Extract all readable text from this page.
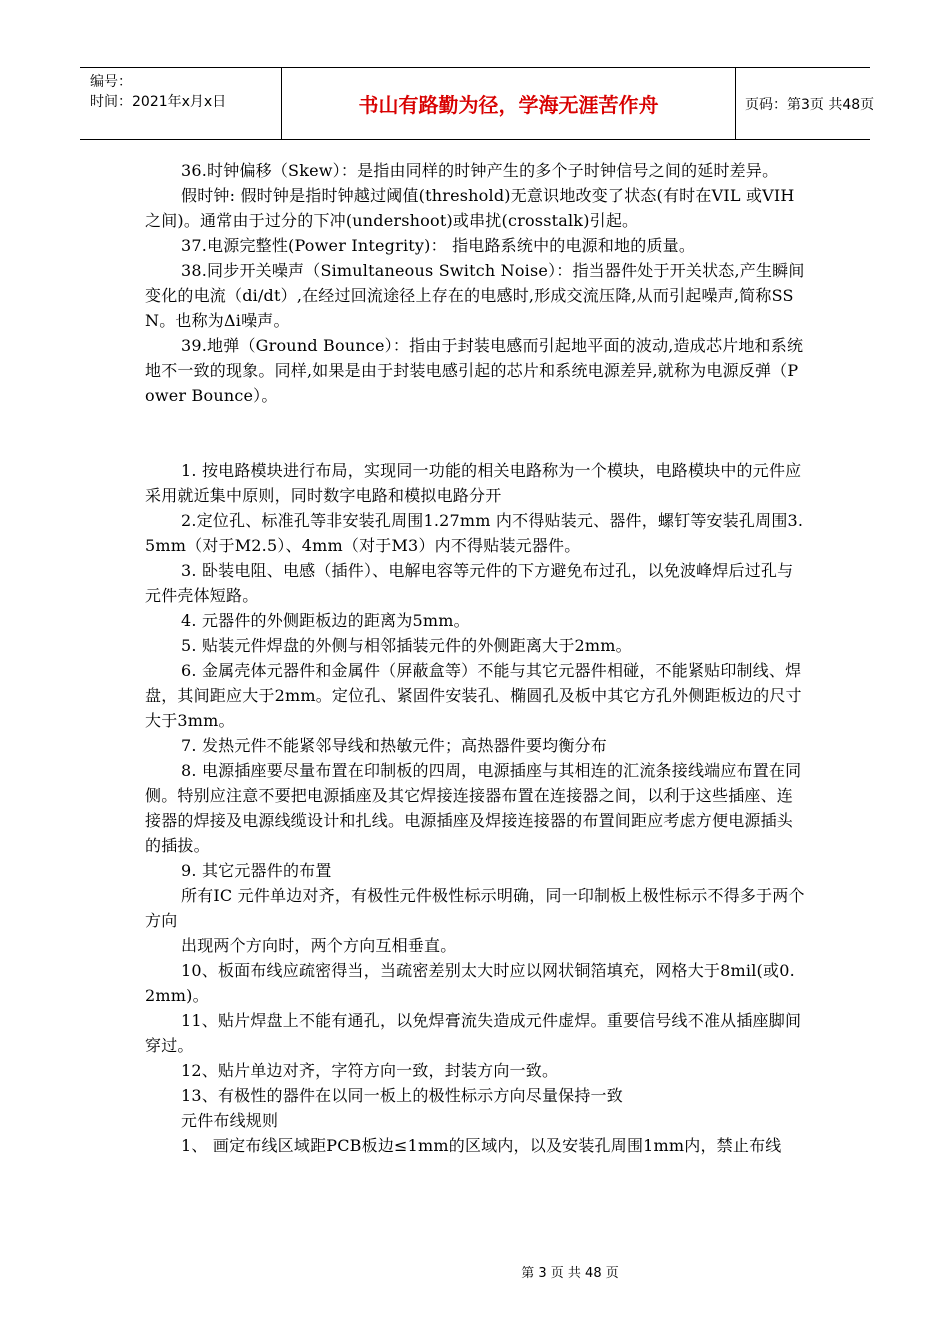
编号：
时间：2021年x月x日	书山有路勤为径，学海无涯苦作舟	页码：第3页 共48页

36.时钟偏移（Skew）：是指由同样的时钟产生的多个子时钟信号之间的延时差异。

假时钟: 假时钟是指时钟越过阈值(threshold)无意识地改变了状态(有时在VIL 或VIH之间)。通常由于过分的下冲(undershoot)或串扰(crosstalk)引起。

37.电源完整性(Power Integrity)： 指电路系统中的电源和地的质量。

38.同步开关噪声（Simultaneous Switch Noise）：指当器件处于开关状态,产生瞬间变化的电流（di/dt）,在经过回流途径上存在的电感时,形成交流压降,从而引起噪声,简称SSN。也称为Δi噪声。

39.地弹（Ground Bounce）：指由于封装电感而引起地平面的波动,造成芯片地和系统地不一致的现象。同样,如果是由于封装电感引起的芯片和系统电源差异,就称为电源反弹（Power Bounce）。

1. 按电路模块进行布局，实现同一功能的相关电路称为一个模块，电路模块中的元件应采用就近集中原则，同时数字电路和模拟电路分开

2.定位孔、标准孔等非安装孔周围1.27mm 内不得贴装元、器件，螺钉等安装孔周围3.5mm（对于M2.5）、4mm（对于M3）内不得贴装元器件。

3. 卧装电阻、电感（插件）、电解电容等元件的下方避免布过孔，以免波峰焊后过孔与元件壳体短路。

4. 元器件的外侧距板边的距离为5mm。

5. 贴装元件焊盘的外侧与相邻插装元件的外侧距离大于2mm。

6. 金属壳体元器件和金属件（屏蔽盒等）不能与其它元器件相碰，不能紧贴印制线、焊盘，其间距应大于2mm。定位孔、紧固件安装孔、椭圆孔及板中其它方孔外侧距板边的尺寸大于3mm。

7. 发热元件不能紧邻导线和热敏元件；高热器件要均衡分布

8. 电源插座要尽量布置在印制板的四周，电源插座与其相连的汇流条接线端应布置在同侧。特别应注意不要把电源插座及其它焊接连接器布置在连接器之间，以利于这些插座、连接器的焊接及电源线缆设计和扎线。电源插座及焊接连接器的布置间距应考虑方便电源插头的插拔。

9. 其它元器件的布置

所有IC 元件单边对齐，有极性元件极性标示明确，同一印制板上极性标示不得多于两个方向

出现两个方向时，两个方向互相垂直。

10、板面布线应疏密得当，当疏密差别太大时应以网状铜箔填充，网格大于8mil(或0.2mm)。

11、贴片焊盘上不能有通孔，以免焊膏流失造成元件虚焊。重要信号线不准从插座脚间穿过。

12、贴片单边对齐，字符方向一致，封装方向一致。

13、有极性的器件在以同一板上的极性标示方向尽量保持一致

元件布线规则

1、 画定布线区域距PCB板边≤1mm的区域内，以及安装孔周围1mm内，禁止布线

第 3 页 共 48 页
